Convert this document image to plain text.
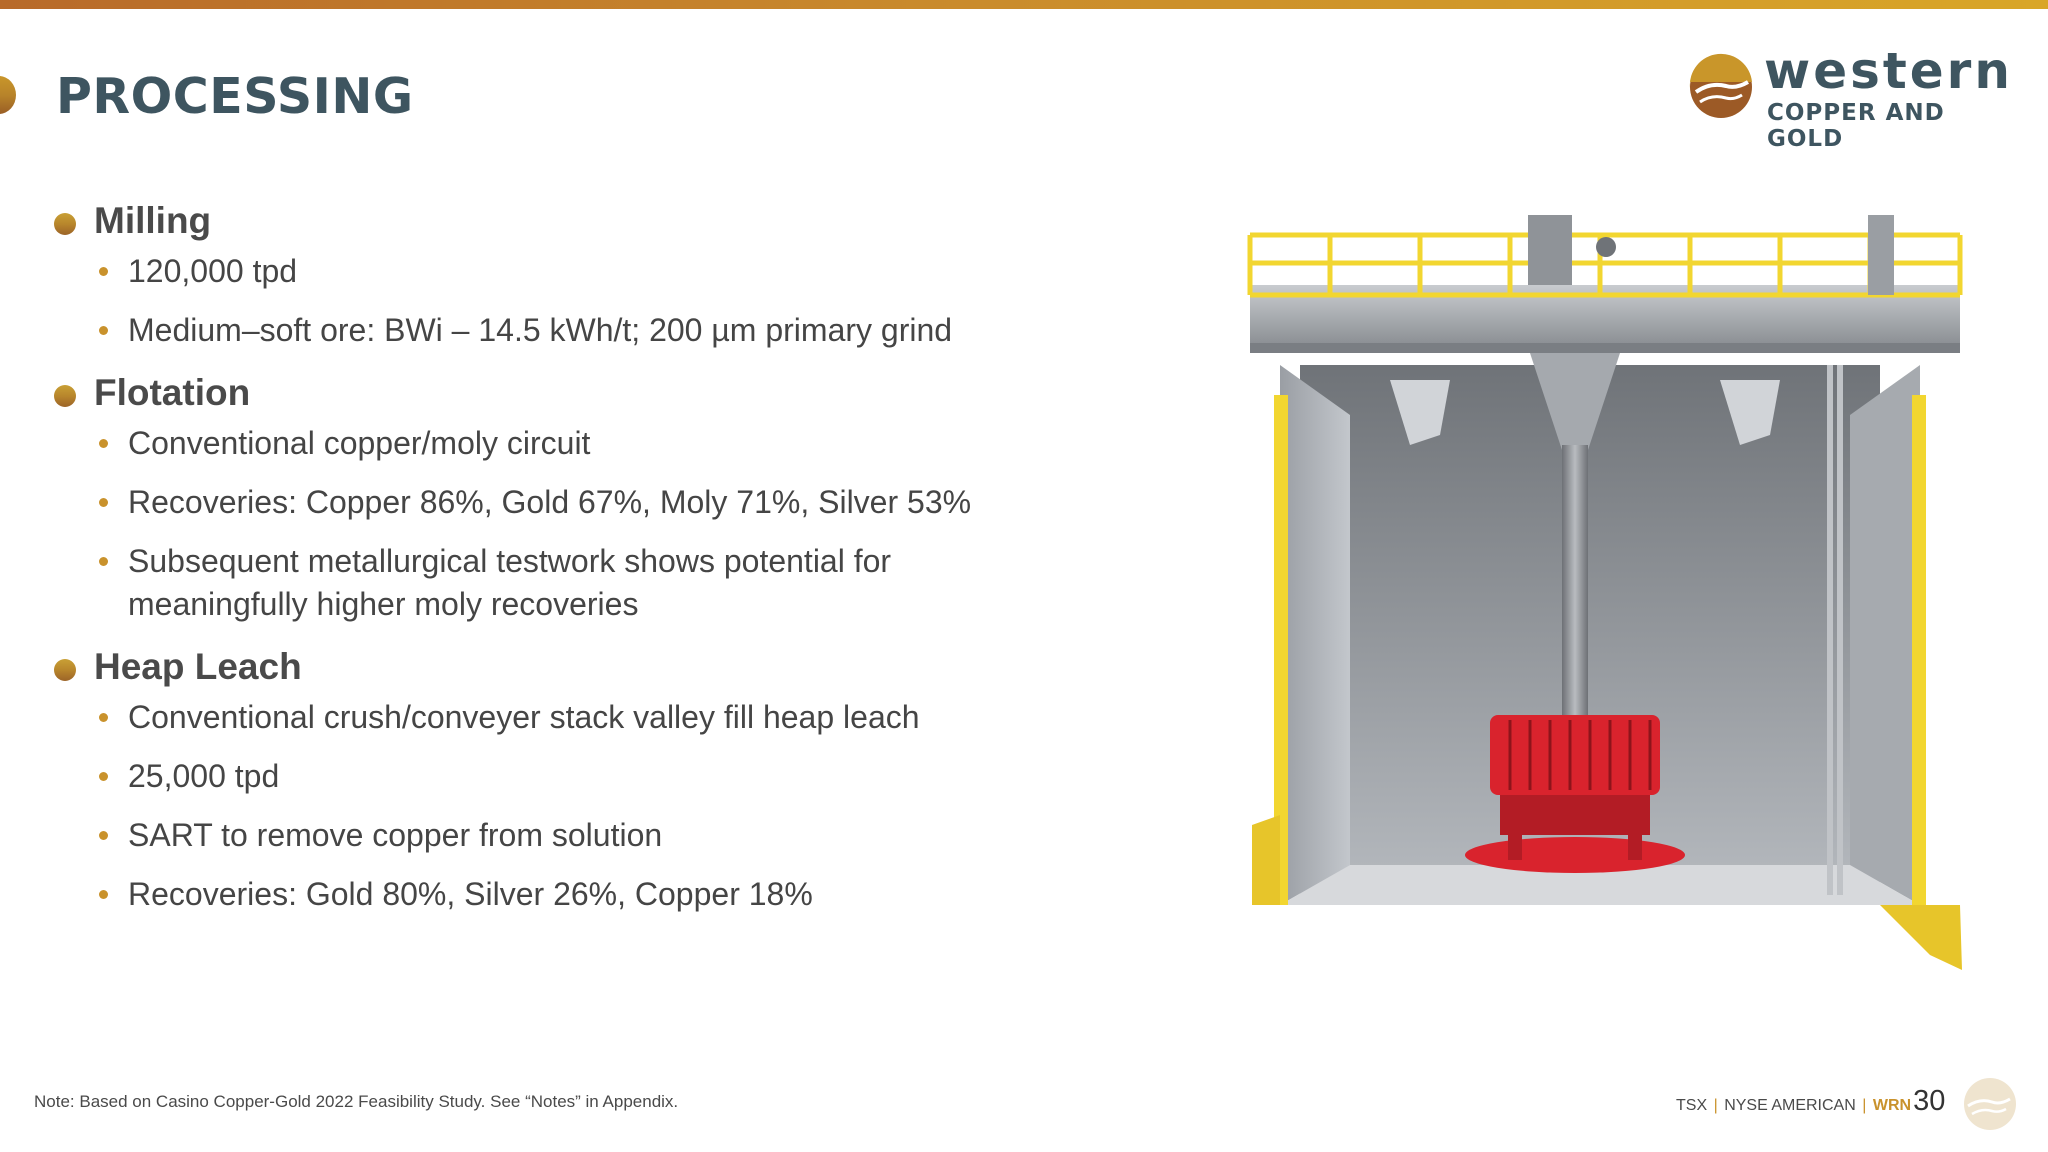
PROCESSING	western
COPPER AND GOLD
Milling
120,000 tpd
Medium–soft ore: BWi – 14.5 kWh/t; 200 µm primary grind
Flotation
Conventional copper/moly circuit
Recoveries: Copper 86%, Gold 67%, Moly 71%, Silver 53%
Subsequent metallurgical testwork shows potential for
meaningfully higher moly recoveries
Heap Leach
Conventional crush/conveyer stack valley fill heap leach
25,000 tpd
SART to remove copper from solution
Recoveries: Gold 80%, Silver 26%, Copper 18%
Note: Based on Casino Copper-Gold 2022 Feasibility Study. See “Notes” in Appendix.	TSX | NYSE AMERICAN | WRN30
